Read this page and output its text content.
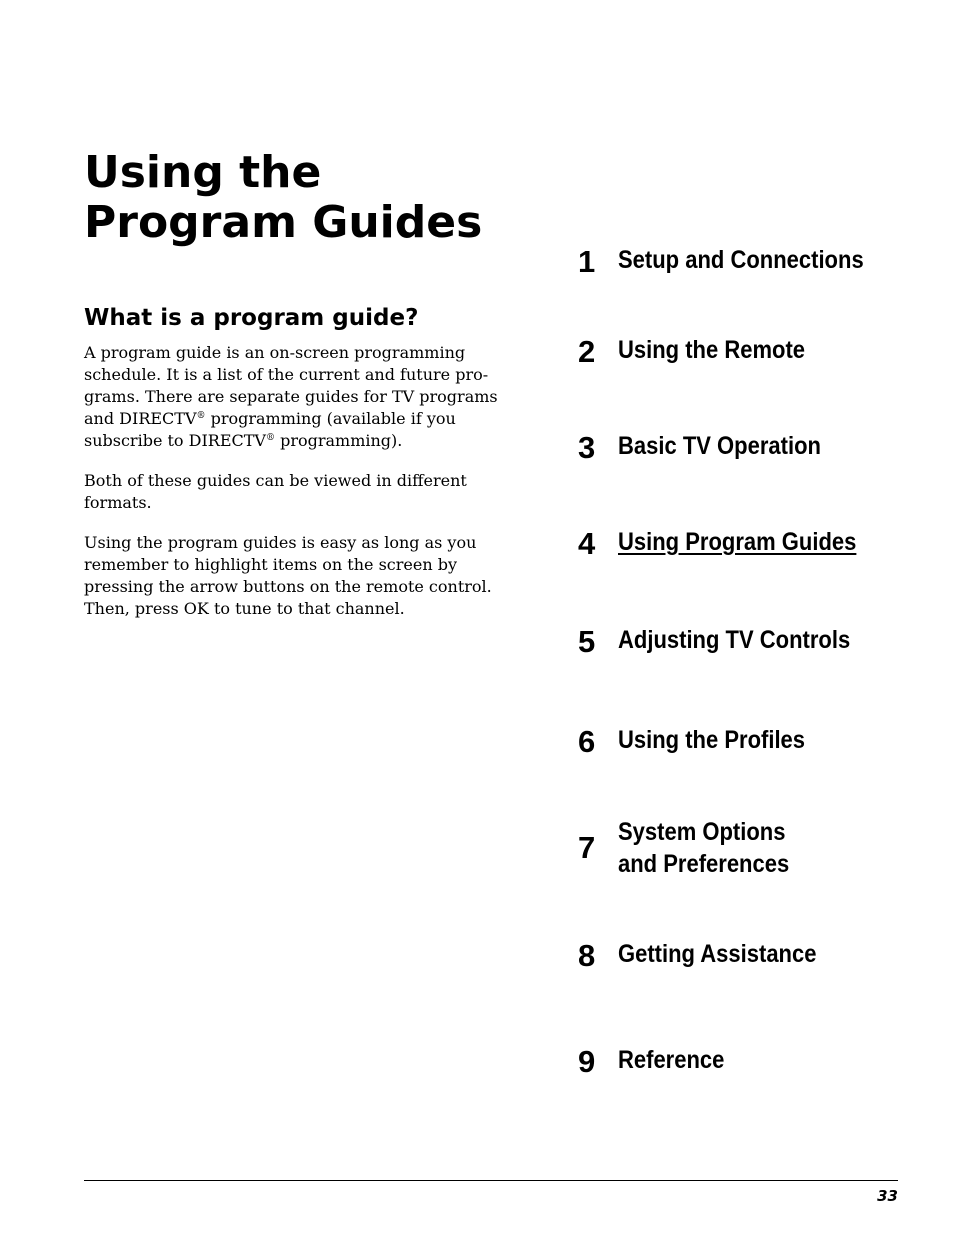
Using the
Program Guides
What is a program guide?

A program guide is an on-screen programming
schedule. It is a list of the current and future pro-
grams. There are separate guides for TV programs
and DIRECTV® programming (available if you
subscribe to DIRECTV® programming).

Both of these guides can be viewed in different
formats.

Using the program guides is easy as long as you
remember to highlight items on the screen by
pressing the arrow buttons on the remote control.
Then, press OK to tune to that channel.

1 Setup and Connections
2 Using the Remote
3 Basic TV Operation
4 Using Program Guides
5 Adjusting TV Controls
6 Using the Profiles
7 System Options
and Preferences
8 Getting Assistance
9 Reference
33
